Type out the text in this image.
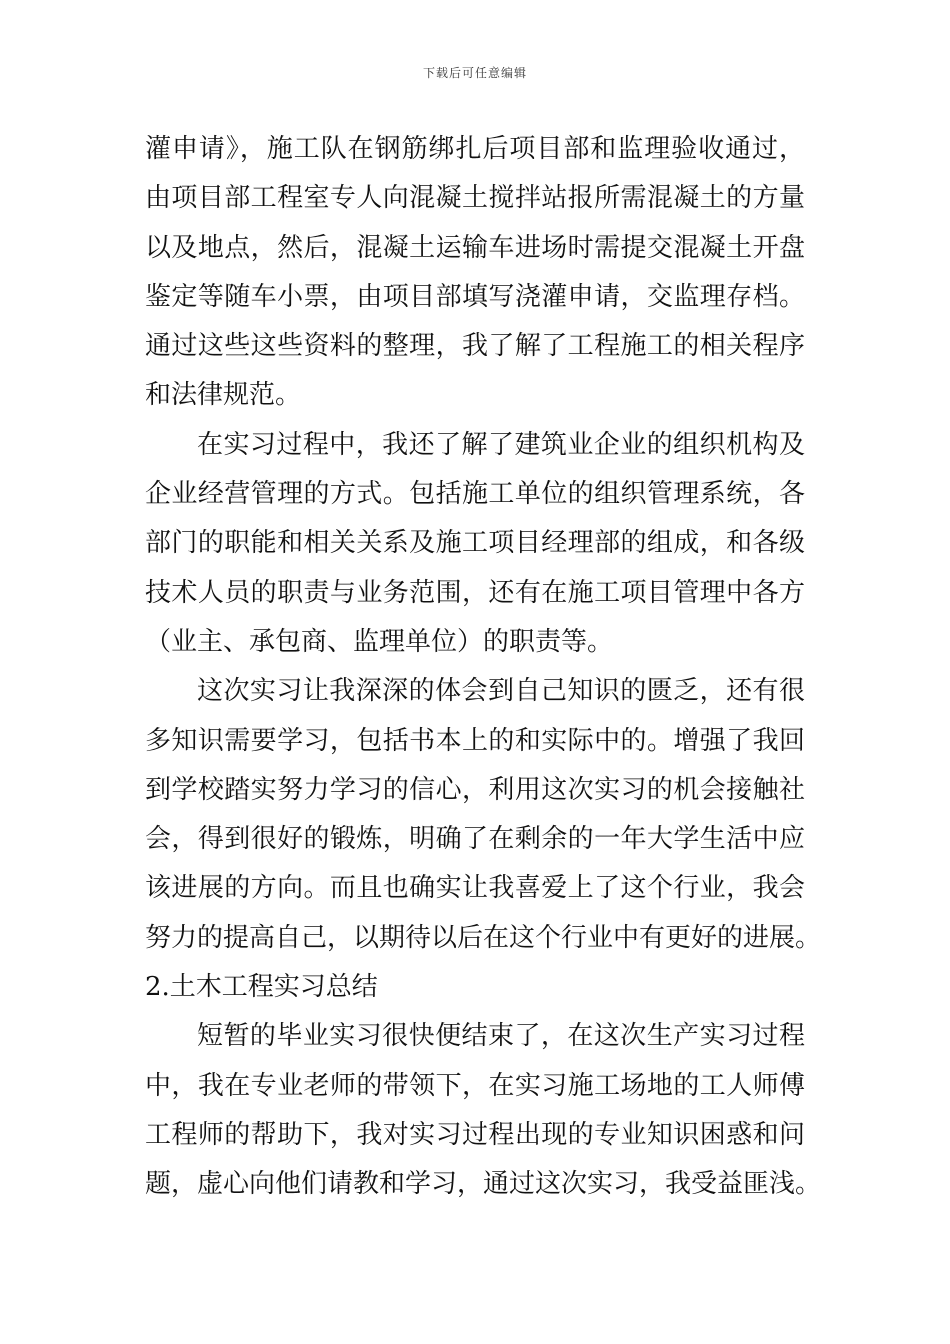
下载后可任意编辑
灌申请》，施工队在钢筋绑扎后项目部和监理验收通过，
由项目部工程室专人向混凝土搅拌站报所需混凝土的方量
以及地点，然后，混凝土运输车进场时需提交混凝土开盘
鉴定等随车小票，由项目部填写浇灌申请，交监理存档。
通过这些这些资料的整理，我了解了工程施工的相关程序
和法律规范。
在实习过程中，我还了解了建筑业企业的组织机构及
企业经营管理的方式。包括施工单位的组织管理系统，各
部门的职能和相关关系及施工项目经理部的组成，和各级
技术人员的职责与业务范围，还有在施工项目管理中各方
（业主、承包商、监理单位）的职责等。
这次实习让我深深的体会到自己知识的匮乏，还有很
多知识需要学习，包括书本上的和实际中的。增强了我回
到学校踏实努力学习的信心，利用这次实习的机会接触社
会，得到很好的锻炼，明确了在剩余的一年大学生活中应
该进展的方向。而且也确实让我喜爱上了这个行业，我会
努力的提高自己，以期待以后在这个行业中有更好的进展。
2.土木工程实习总结
短暂的毕业实习很快便结束了，在这次生产实习过程
中，我在专业老师的带领下，在实习施工场地的工人师傅
工程师的帮助下，我对实习过程出现的专业知识困惑和问
题，虚心向他们请教和学习，通过这次实习，我受益匪浅。
